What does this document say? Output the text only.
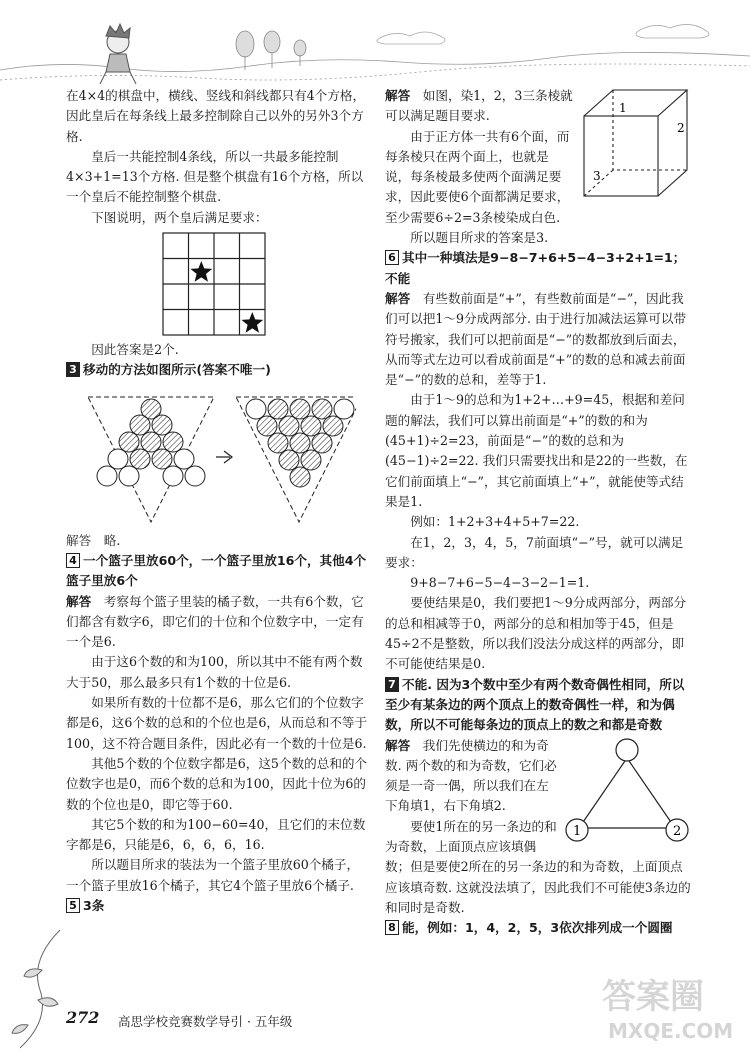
在4×4的棋盘中，横线、竖线和斜线都只有4个方格，因此皇后在每条线上最多控制除自己以外的另外3个方格.

皇后一共能控制4条线，所以一共最多能控制4×3+1=13个方格. 但是整个棋盘有16个方格，所以一个皇后不能控制整个棋盘.

下图说明，两个皇后满足要求：

因此答案是2个.

3 移动的方法如图所示(答案不唯一)

解答　略.

4 一个篮子里放60个，一个篮子里放16个，其他4个篮子里放6个

解答　 考察每个篮子里装的橘子数，一共有6个数，它们都含有数字6，即它们的十位和个位数字中，一定有一个是6.

由于这6个数的和为100，所以其中不能有两个数大于50，那么最多只有1个数的十位是6.

如果所有数的十位都不是6，那么它们的个位数字都是6，这6个数的总和的个位也是6，从而总和不等于100，这不符合题目条件，因此必有一个数的十位是6.

其他5个数的个位数字都是6，这5个数的总和的个位数字也是0，而6个数的总和为100，因此十位为6的数的个位也是0，即它等于60.

其它5个数的和为100−60=40，且它们的末位数字都是6，只能是6，6，6，6，16.

所以题目所求的装法为一个篮子里放60个橘子，一个篮子里放16个橘子，其它4个篮子里放6个橘子.

5 3条

1
2
3

解答　 如图，染1，2，3三条棱就可以满足题目要求.

由于正方体一共有6个面，而每条棱只在两个面上，也就是说，每条棱最多使两个面满足要求，因此要使6个面都满足要求，至少需要6÷2=3条棱染成白色.

所以题目所求的答案是3.

6 其中一种填法是9−8−7+6+5−4−3+2+1=1；不能

解答　 有些数前面是“+”，有些数前面是“−”，因此我们可以把1～9分成两部分. 由于进行加减法运算可以带符号搬家，我们可以把前面是“−”的数都放到后面去，从而等式左边可以看成前面是“+”的数的总和减去前面是“−”的数的总和，差等于1.

由于1～9的总和为1+2+…+9=45，根据和差问题的解法，我们可以算出前面是“+”的数的和为(45+1)÷2=23，前面是“−”的数的总和为(45−1)÷2=22. 我们只需要找出和是22的一些数，在它们前面填上“−”，其它前面填上“+”，就能使等式结果是1.

例如：1+2+3+4+5+7=22.

在1，2，3，4，5，7前面填“−”号，就可以满足要求：

9+8−7+6−5−4−3−2−1=1.

要使结果是0，我们要把1～9分成两部分，两部分的总和相减等于0，两部分的总和相加等于45，但是45÷2不是整数，所以我们没法分成这样的两部分，即不可能使结果是0.

7 不能. 因为3个数中至少有两个数奇偶性相同，所以至少有某条边的两个顶点上的数奇偶性一样，和为偶数，所以不可能每条边的顶点上的数之和都是奇数

1	2

解答　 我们先使横边的和为奇数. 两个数的和为奇数，它们必须是一奇一偶，所以我们在左下角填1，右下角填2.

要使1所在的另一条边的和为奇数，上面顶点应该填偶数；但是要使2所在的另一条边的和为奇数，上面顶点应该填奇数. 这就没法填了，因此我们不可能使3条边的和同时是奇数.

8 能，例如：1，4，2，5，3依次排列成一个圆圈

272 高思学校竞赛数学导引 · 五年级
答案圈
MXQE.COM
